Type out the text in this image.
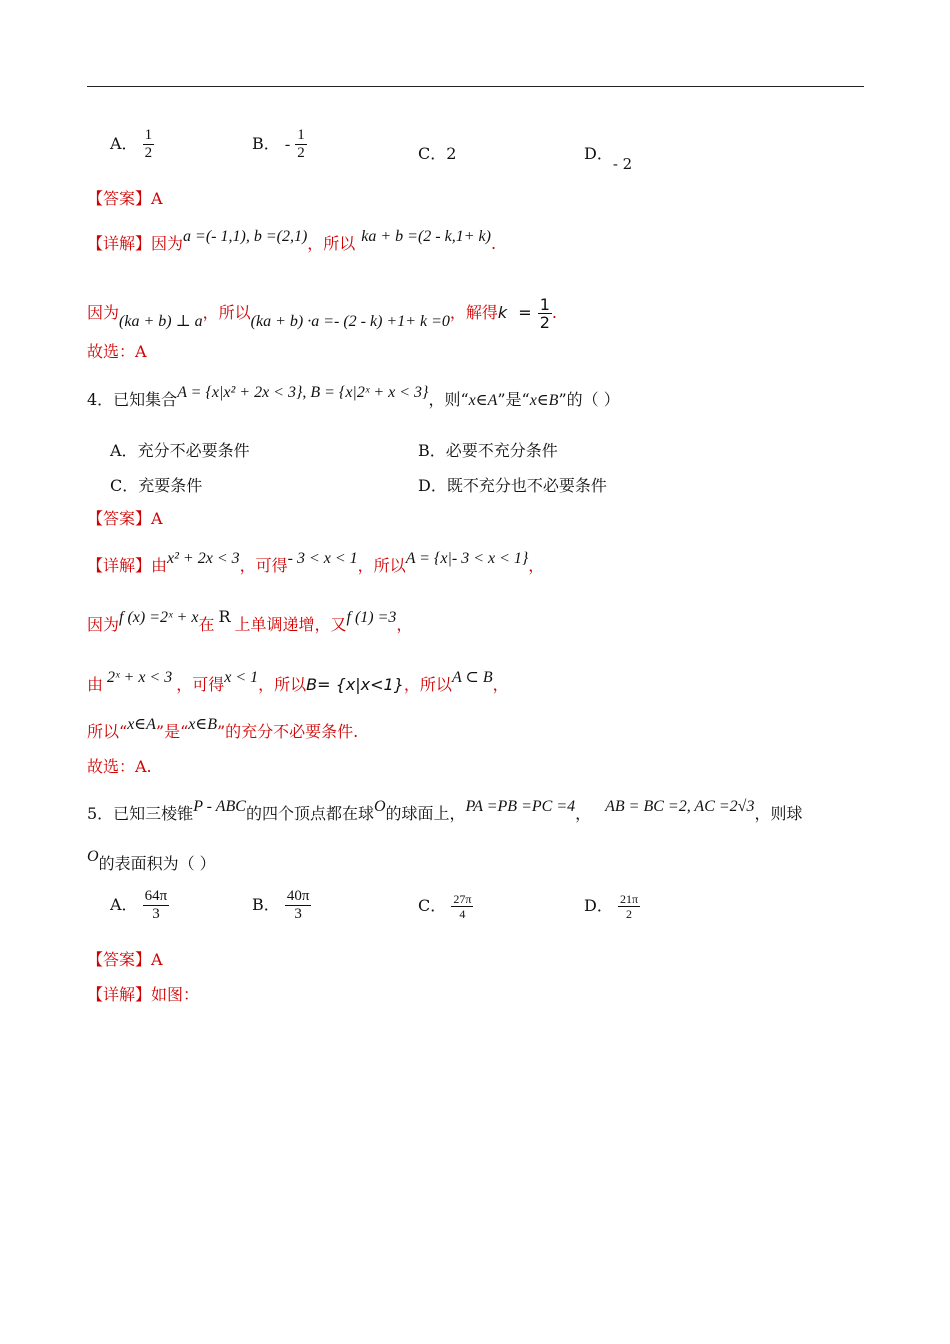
A． $\frac{1}{2}$	B． - $\frac{1}{2}$	C．2	D．- 2
【答案】A
【详解】因为a =(- 1,1), b =(2,1)，所以 ka + b =(2 - k,1+ k).
因为(ka + b) ⊥ a，所以(ka + b) ·a =- (2 - k) +1+ k =0，解得$k = \frac{1}{2}$ .
故选：A
4．已知集合A = {x|x² + 2x < 3}, B = {x|2ˣ + x < 3}，则“x∈A”是“x∈B”的（ ）
A．充分不必要条件	B．必要不充分条件
C．充要条件	D．既不充分也不必要条件
【答案】A
【详解】由x² + 2x < 3，可得- 3 < x < 1，所以A = {x|- 3 < x < 1}，
因为f (x) =2ˣ + x在 R 上单调递增，又f (1) =3，
由 2ˣ + x < 3 ，可得x < 1，所以B= {x|x<1}，所以A ⊂ B，
所以“x∈A”是“x∈B”的充分不必要条件.
故选：A.
5．已知三棱锥P - ABC的四个顶点都在球O的球面上，PA =PB =PC =4， AB = BC =2, AC =2√3，则球
O的表面积为（ ）
A． $\frac{64\pi}{3}$	B． $\frac{40\pi}{3}$	C． $\frac{27\pi}{4}$	D． $\frac{21\pi}{2}$
【答案】A
【详解】如图：
